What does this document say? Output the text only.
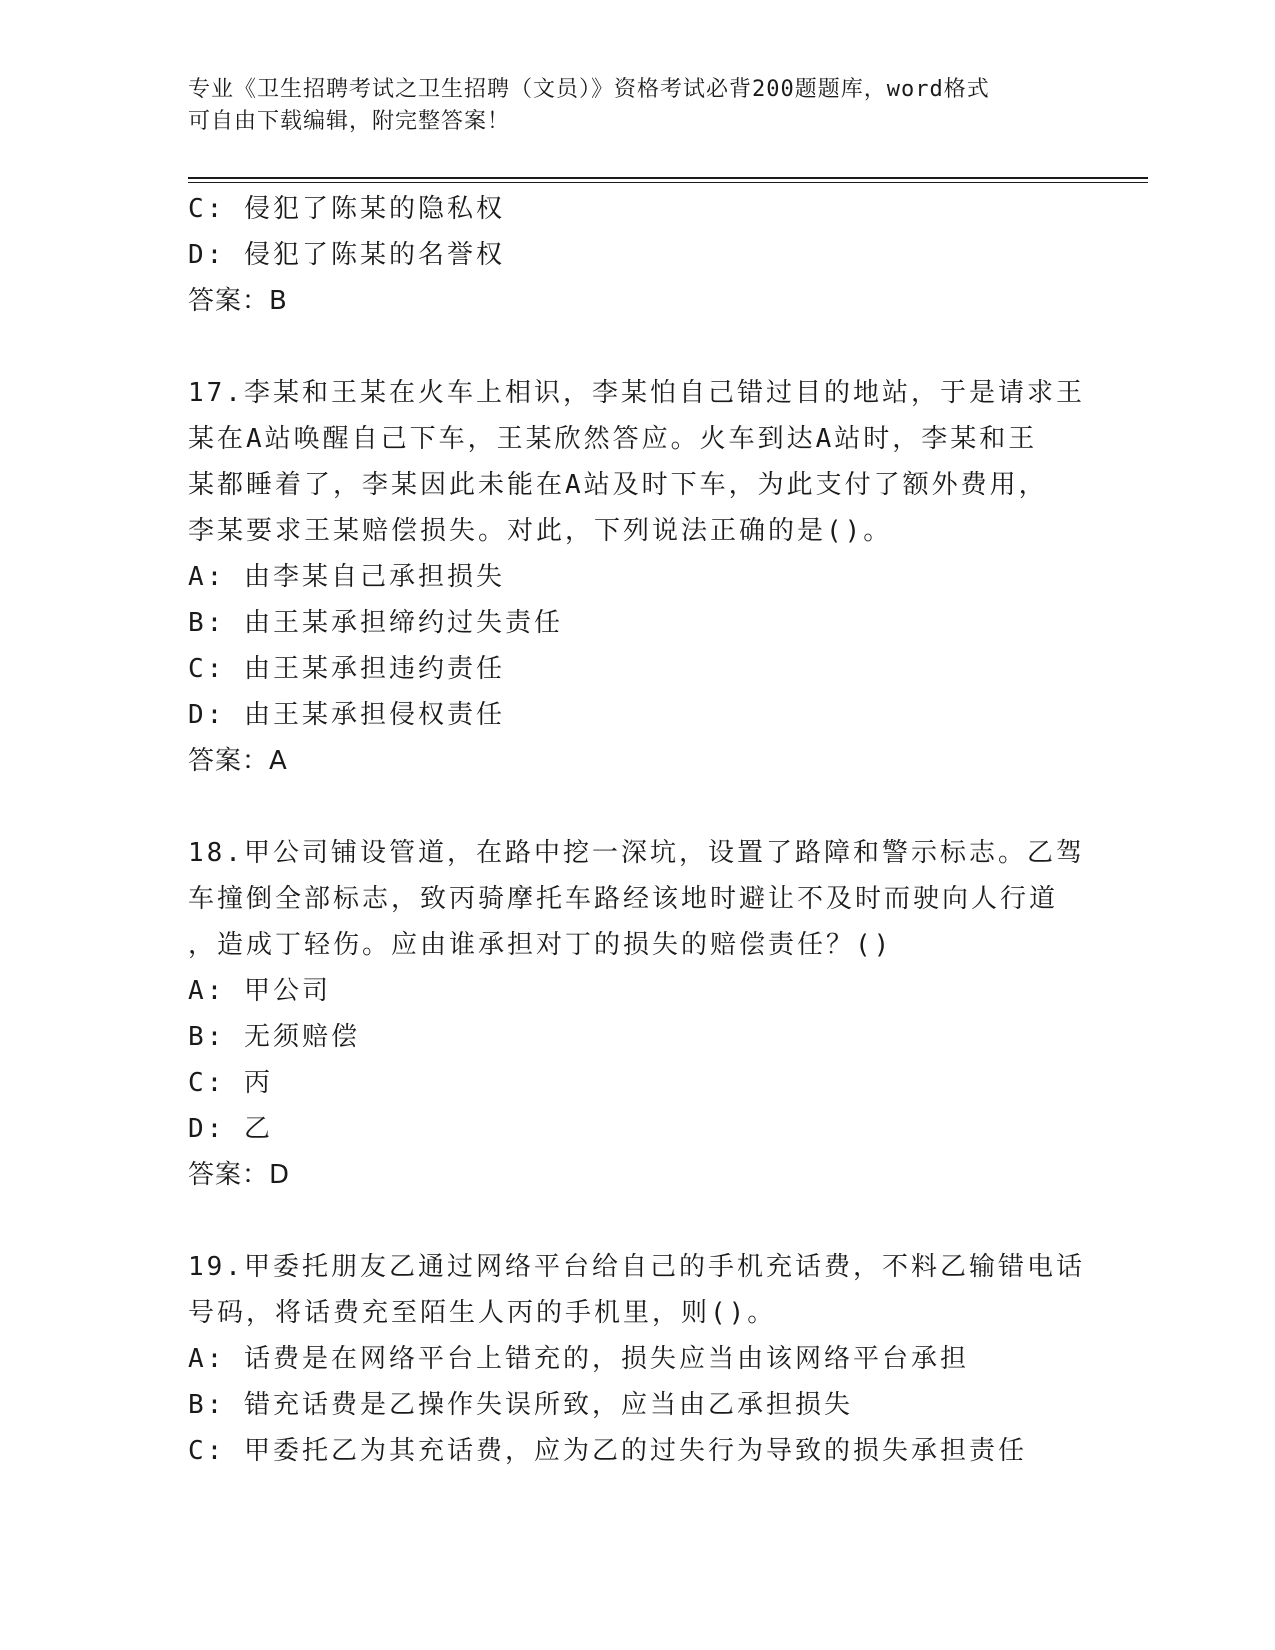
专业《卫生招聘考试之卫生招聘（文员）》资格考试必背200题题库，word格式
可自由下载编辑，附完整答案！
C: 侵犯了陈某的隐私权
D: 侵犯了陈某的名誉权
答案：B
17.李某和王某在火车上相识，李某怕自己错过目的地站，于是请求王
某在A站唤醒自己下车，王某欣然答应。火车到达A站时，李某和王
某都睡着了，李某因此未能在A站及时下车，为此支付了额外费用，
李某要求王某赔偿损失。对此，下列说法正确的是()。
A: 由李某自己承担损失
B: 由王某承担缔约过失责任
C: 由王某承担违约责任
D: 由王某承担侵权责任
答案：A
18.甲公司铺设管道，在路中挖一深坑，设置了路障和警示标志。乙驾
车撞倒全部标志，致丙骑摩托车路经该地时避让不及时而驶向人行道
，造成丁轻伤。应由谁承担对丁的损失的赔偿责任？()
A: 甲公司
B: 无须赔偿
C: 丙
D: 乙
答案：D
19.甲委托朋友乙通过网络平台给自己的手机充话费，不料乙输错电话
号码，将话费充至陌生人丙的手机里，则()。
A: 话费是在网络平台上错充的，损失应当由该网络平台承担
B: 错充话费是乙操作失误所致，应当由乙承担损失
C: 甲委托乙为其充话费，应为乙的过失行为导致的损失承担责任
